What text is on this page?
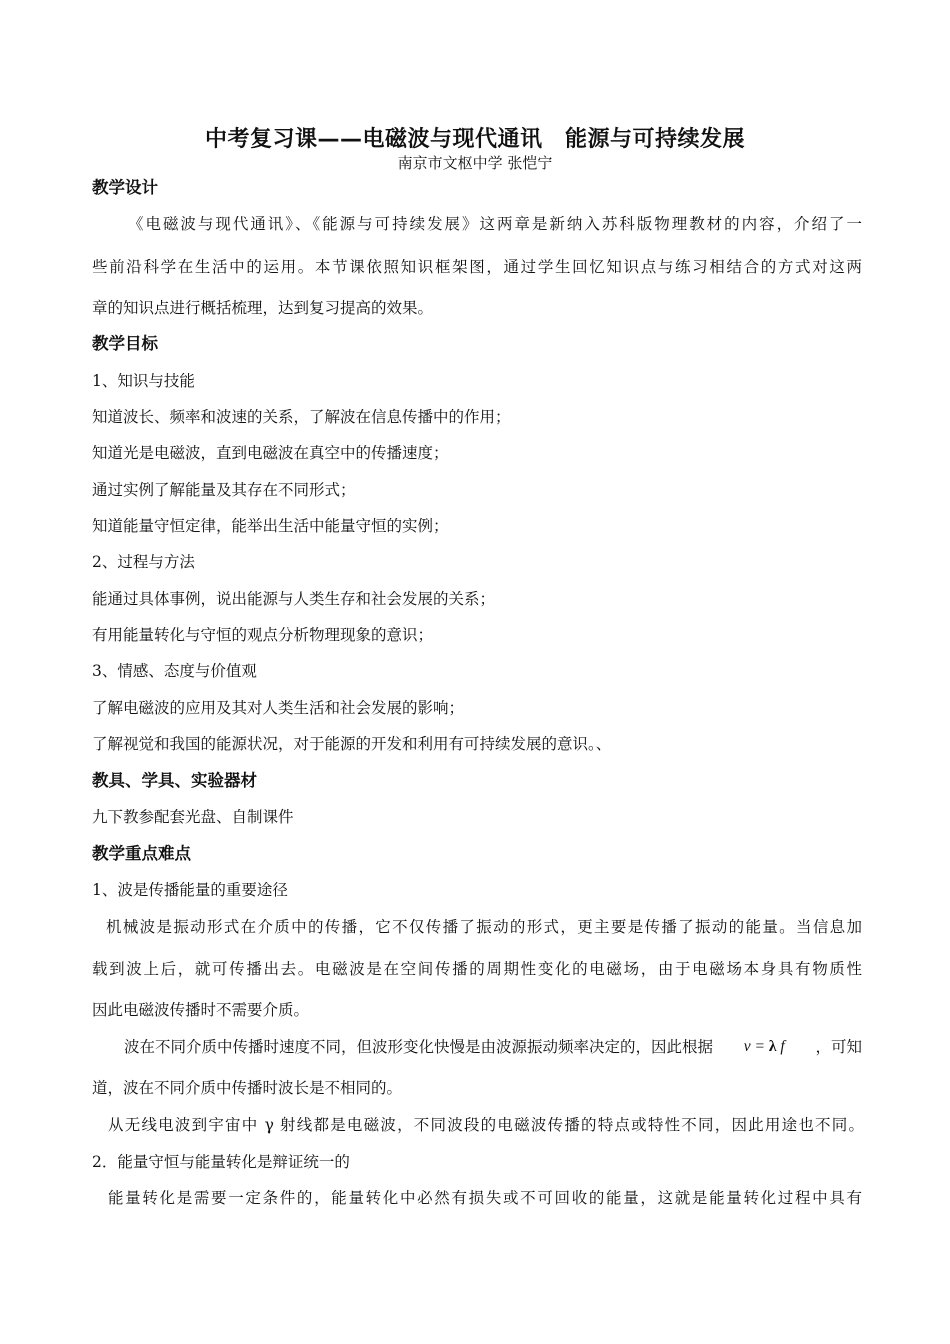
中考复习课——电磁波与现代通讯　能源与可持续发展
南京市文枢中学 张恺宁
教学设计
《电磁波与现代通讯》、《能源与可持续发展》这两章是新纳入苏科版物理教材的内容，介绍了一
些前沿科学在生活中的运用。本节课依照知识框架图，通过学生回忆知识点与练习相结合的方式对这两
章的知识点进行概括梳理，达到复习提高的效果。
教学目标
1、知识与技能
知道波长、频率和波速的关系，了解波在信息传播中的作用；
知道光是电磁波，直到电磁波在真空中的传播速度；
通过实例了解能量及其存在不同形式；
知道能量守恒定律，能举出生活中能量守恒的实例；
2、过程与方法
能通过具体事例，说出能源与人类生存和社会发展的关系；
有用能量转化与守恒的观点分析物理现象的意识；
3、情感、态度与价值观
了解电磁波的应用及其对人类生活和社会发展的影响；
了解视觉和我国的能源状况，对于能源的开发和利用有可持续发展的意识。、
教具、学具、实验器材
九下教参配套光盘、自制课件
教学重点难点
1、波是传播能量的重要途径
机械波是振动形式在介质中的传播，它不仅传播了振动的形式，更主要是传播了振动的能量。当信息加
载到波上后，就可传播出去。电磁波是在空间传播的周期性变化的电磁场，由于电磁场本身具有物质性
因此电磁波传播时不需要介质。
波在不同介质中传播时速度不同，但波形变化快慢是由波源振动频率决定的，因此根据 v = λ f ，可知
道，波在不同介质中传播时波长是不相同的。
从无线电波到宇宙中 γ 射线都是电磁波，不同波段的电磁波传播的特点或特性不同，因此用途也不同。
2．能量守恒与能量转化是辩证统一的
能量转化是需要一定条件的，能量转化中必然有损失或不可回收的能量，这就是能量转化过程中具有
